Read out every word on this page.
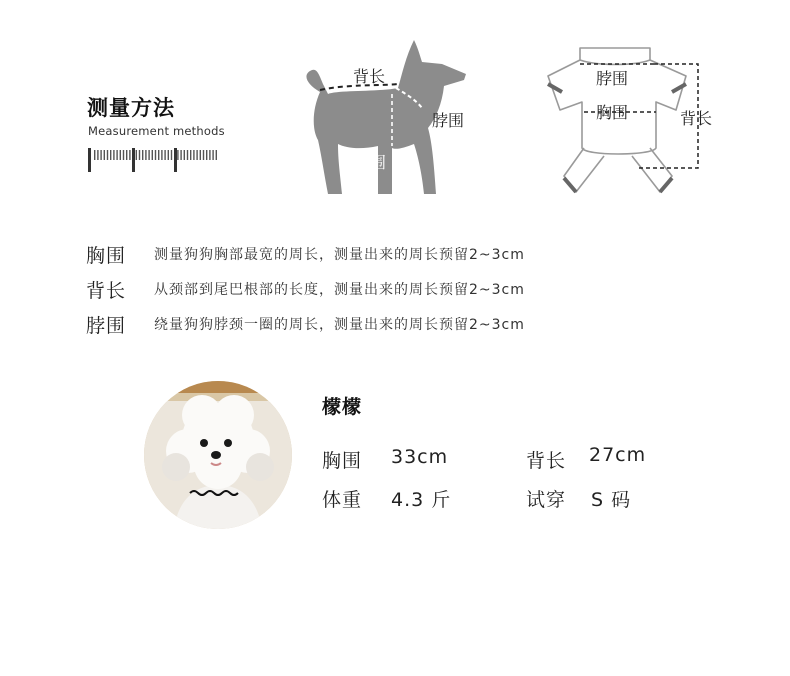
测量方法
Measurement methods
背长
脖围
胸围
脖围
胸围	背长
胸围	测量狗狗胸部最宽的周长，测量出来的周长预留2~3cm
背长	从颈部到尾巴根部的长度，测量出来的周长预留2~3cm
脖围	绕量狗狗脖颈一圈的周长，测量出来的周长预留2~3cm
檬檬
胸围 33cm	背长 27cm
体重 4.3 斤	试穿 S 码
